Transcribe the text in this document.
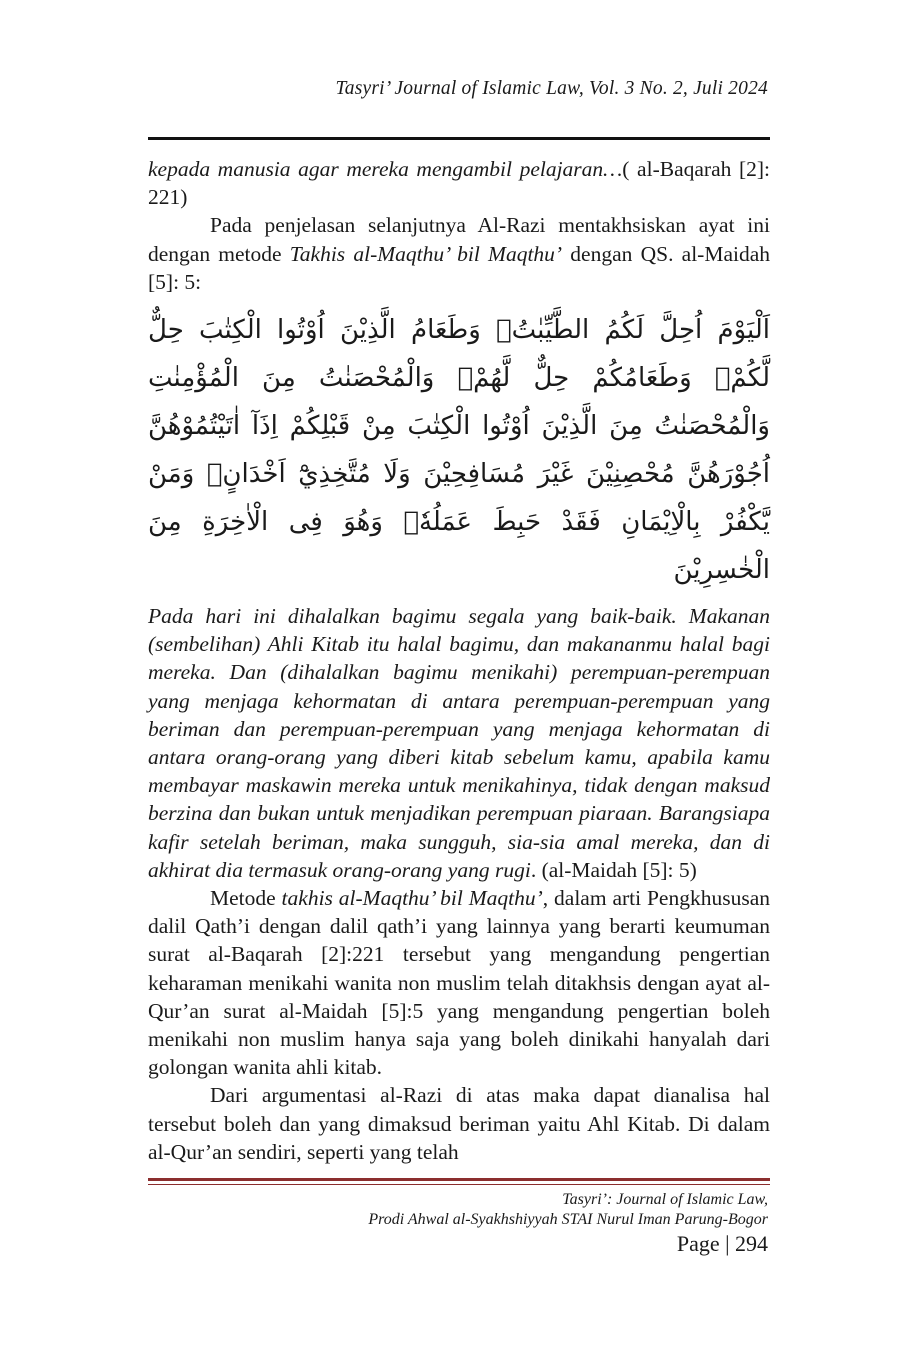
Tasyri’ Journal of Islamic Law, Vol. 3 No. 2, Juli 2024

kepada manusia agar mereka mengambil pelajaran…( al-Baqarah [2]: 221)

Pada penjelasan selanjutnya Al-Razi mentakhsiskan ayat ini dengan metode Takhis al-Maqthu’ bil Maqthu’ dengan QS. al-Maidah [5]: 5:

اَلْيَوْمَ اُحِلَّ لَكُمُ الطَّيِّبٰتُۗ وَطَعَامُ الَّذِيْنَ اُوْتُوا الْكِتٰبَ حِلٌّ لَّكُمْۖ وَطَعَامُكُمْ حِلٌّ لَّهُمْۖ وَالْمُحْصَنٰتُ مِنَ الْمُؤْمِنٰتِ وَالْمُحْصَنٰتُ مِنَ الَّذِيْنَ اُوْتُوا الْكِتٰبَ مِنْ قَبْلِكُمْ اِذَآ اٰتَيْتُمُوْهُنَّ اُجُوْرَهُنَّ مُحْصِنِيْنَ غَيْرَ مُسَافِحِيْنَ وَلَا مُتَّخِذِيْٓ اَخْدَانٍۗ وَمَنْ يَّكْفُرْ بِالْاِيْمَانِ فَقَدْ حَبِطَ عَمَلُهٗۖ وَهُوَ فِى الْاٰخِرَةِ مِنَ الْخٰسِرِيْنَ

Pada hari ini dihalalkan bagimu segala yang baik-baik. Makanan (sembelihan) Ahli Kitab itu halal bagimu, dan makananmu halal bagi mereka. Dan (dihalalkan bagimu menikahi) perempuan-perempuan yang menjaga kehormatan di antara perempuan-perempuan yang beriman dan perempuan-perempuan yang menjaga kehormatan di antara orang-orang yang diberi kitab sebelum kamu, apabila kamu membayar maskawin mereka untuk menikahinya, tidak dengan maksud berzina dan bukan untuk menjadikan perempuan piaraan. Barangsiapa kafir setelah beriman, maka sungguh, sia-sia amal mereka, dan di akhirat dia termasuk orang-orang yang rugi. (al-Maidah [5]: 5)

Metode takhis al-Maqthu’ bil Maqthu’, dalam arti Pengkhususan dalil Qath’i dengan dalil qath’i yang lainnya yang berarti keumuman surat al-Baqarah [2]:221 tersebut yang mengandung pengertian keharaman menikahi wanita non muslim telah ditakhsis dengan ayat al-Qur’an surat al-Maidah [5]:5 yang mengandung pengertian boleh menikahi non muslim hanya saja yang boleh dinikahi hanyalah dari golongan wanita ahli kitab.

Dari argumentasi al-Razi di atas maka dapat dianalisa hal tersebut boleh dan yang dimaksud beriman yaitu Ahl Kitab. Di dalam al-Qur’an sendiri, seperti yang telah

Tasyri’: Journal of Islamic Law,
Prodi Ahwal al-Syakhshiyyah STAI Nurul Iman Parung-Bogor
Page | 294
